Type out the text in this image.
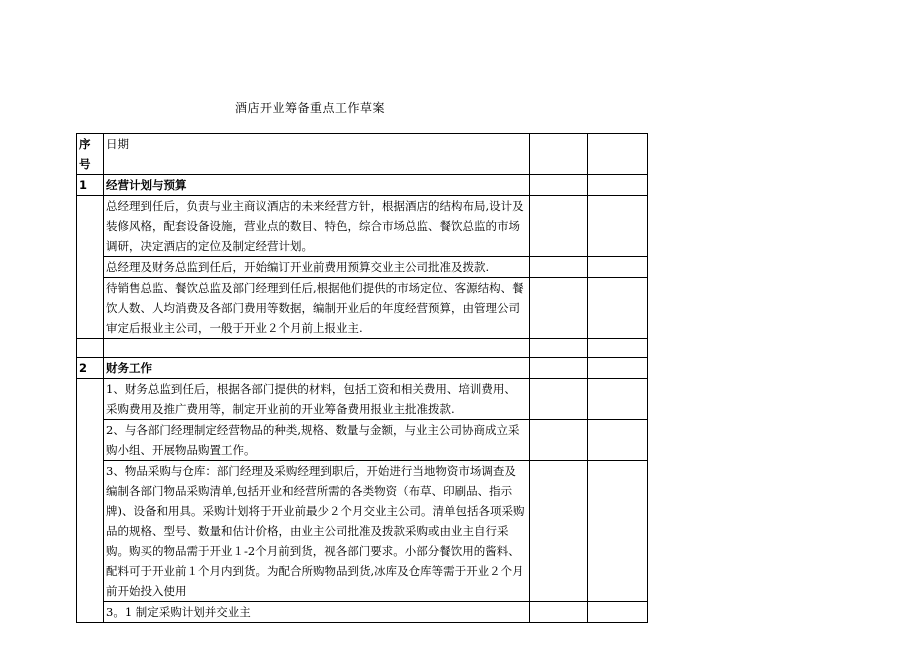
酒店开业筹备重点工作草案
序号	日期		
1	经营计划与预算		
	总经理到任后，负责与业主商议酒店的未来经营方针，根据酒店的结构布局,设计及装修风格，配套设备设施，营业点的数目、特色，综合市场总监、餐饮总监的市场调研，决定酒店的定位及制定经营计划。		
	总经理及财务总监到任后，开始编订开业前费用预算交业主公司批准及拨款.		
	待销售总监、餐饮总监及部门经理到任后,根据他们提供的市场定位、客源结构、餐饮人数、人均消费及各部门费用等数据，编制开业后的年度经营预算，由管理公司审定后报业主公司，一般于开业２个月前上报业主.		

2	财务工作		
	1、财务总监到任后，根据各部门提供的材料，包括工资和相关费用、培训费用、采购费用及推广费用等，制定开业前的开业筹备费用报业主批准拨款.		
	2、与各部门经理制定经营物品的种类,规格、数量与金额，与业主公司协商成立采购小组、开展物品购置工作。		
	3、物品采购与仓库：部门经理及采购经理到职后，开始进行当地物资市场调查及编制各部门物品采购清单,包括开业和经营所需的各类物资（布草、印刷品、指示牌)、设备和用具。采购计划将于开业前最少２个月交业主公司。清单包括各项采购品的规格、型号、数量和估计价格，由业主公司批准及拨款采购或由业主自行采购。购买的物品需于开业１-2个月前到货，视各部门要求。小部分餐饮用的酱料、配料可于开业前１个月内到货。为配合所购物品到货,冰库及仓库等需于开业２个月前开始投入使用		
	3。1 制定采购计划并交业主		
